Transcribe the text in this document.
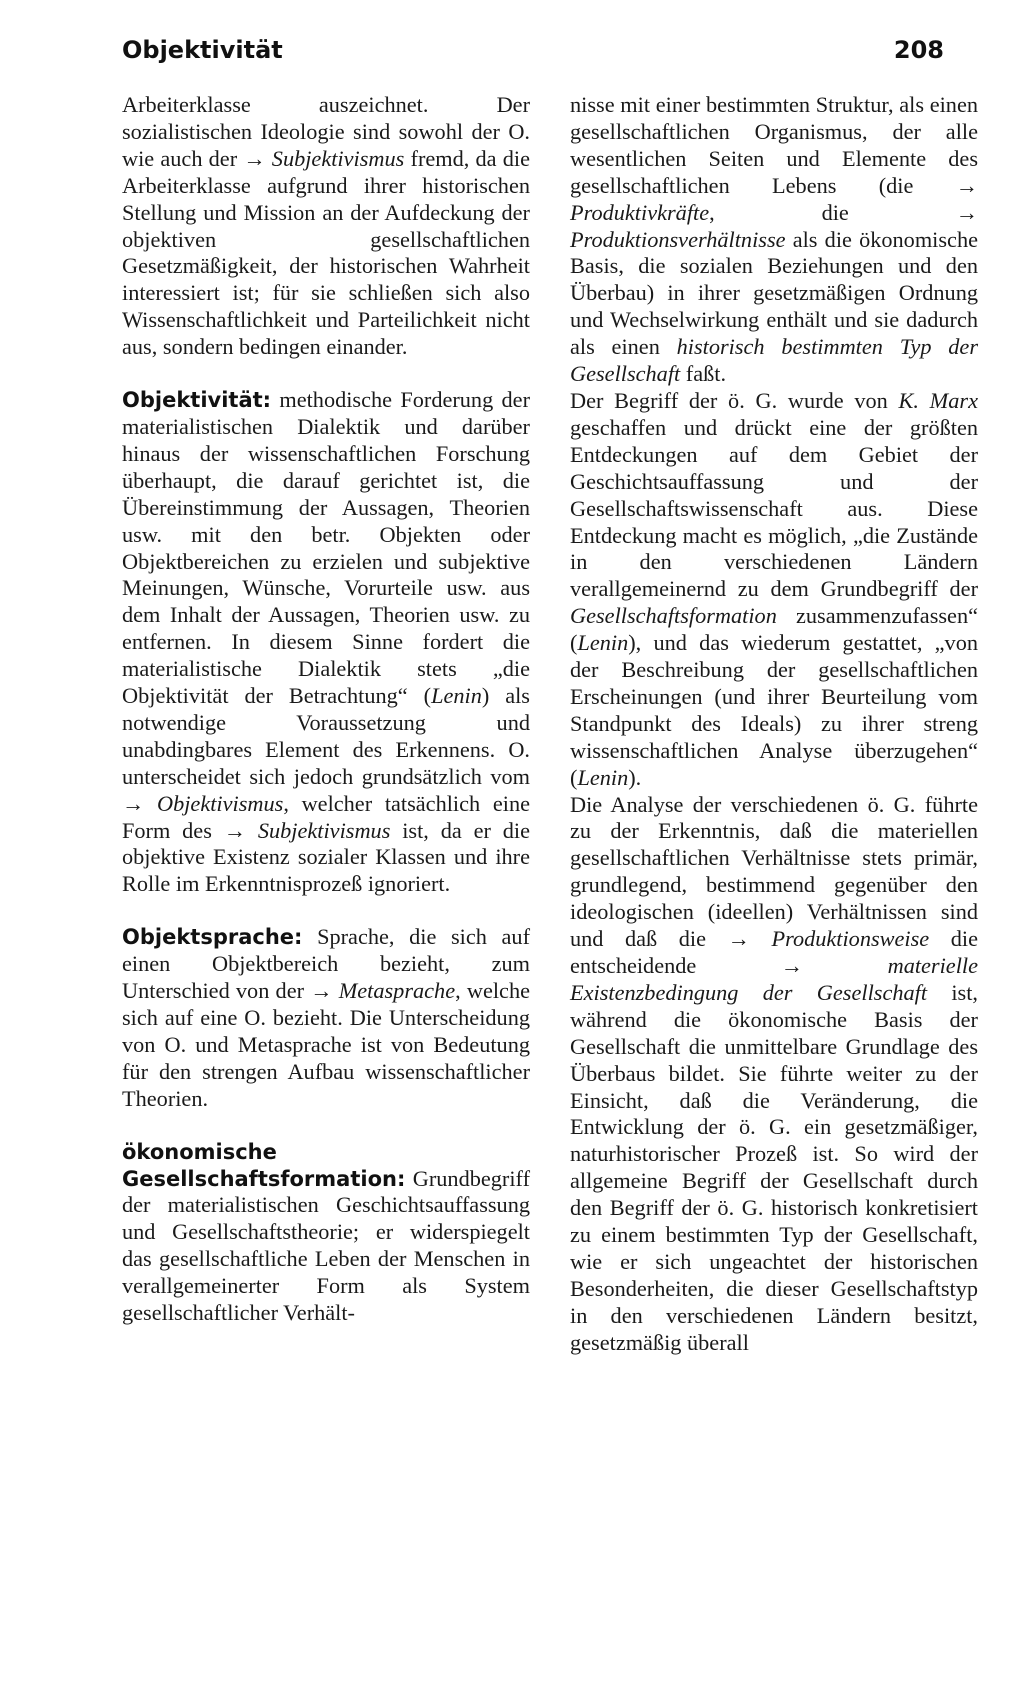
Objektivität	208

Arbeiterklasse auszeichnet. Der sozialistischen Ideologie sind sowohl der O. wie auch der → Subjektivismus fremd, da die Arbeiterklasse aufgrund ihrer historischen Stellung und Mission an der Aufdeckung der objektiven gesellschaftlichen Gesetzmäßigkeit, der historischen Wahrheit interessiert ist; für sie schließen sich also Wissenschaftlichkeit und Parteilichkeit nicht aus, sondern bedingen einander.

Objektivität: methodische Forderung der materialistischen Dialektik und darüber hinaus der wissenschaftlichen Forschung überhaupt, die darauf gerichtet ist, die Übereinstimmung der Aussagen, Theorien usw. mit den betr. Objekten oder Objektbereichen zu erzielen und subjektive Meinungen, Wünsche, Vorurteile usw. aus dem Inhalt der Aussagen, Theorien usw. zu entfernen. In diesem Sinne fordert die materialistische Dialektik stets „die Objektivität der Betrachtung“ (Lenin) als notwendige Voraussetzung und unabdingbares Element des Erkennens. O. unterscheidet sich jedoch grundsätzlich vom → Objektivismus, welcher tatsächlich eine Form des → Subjektivismus ist, da er die objektive Existenz sozialer Klassen und ihre Rolle im Erkenntnisprozeß ignoriert.

Objektsprache: Sprache, die sich auf einen Objektbereich bezieht, zum Unterschied von der → Metasprache, welche sich auf eine O. bezieht. Die Unterscheidung von O. und Metasprache ist von Bedeutung für den strengen Aufbau wissenschaftlicher Theorien.

ökonomische Gesellschaftsformation: Grundbegriff der materialistischen Geschichtsauffassung und Gesellschaftstheorie; er widerspiegelt das gesellschaftliche Leben der Menschen in verallgemeinerter Form als System gesellschaftlicher Verhält-

nisse mit einer bestimmten Struktur, als einen gesellschaftlichen Organismus, der alle wesentlichen Seiten und Elemente des gesellschaftlichen Lebens (die → Produktivkräfte, die → Produktionsverhältnisse als die ökonomische Basis, die sozialen Beziehungen und den Überbau) in ihrer gesetzmäßigen Ordnung und Wechselwirkung enthält und sie dadurch als einen historisch bestimmten Typ der Gesellschaft faßt.

Der Begriff der ö. G. wurde von K. Marx geschaffen und drückt eine der größten Entdeckungen auf dem Gebiet der Geschichtsauffassung und der Gesellschaftswissenschaft aus. Diese Entdeckung macht es möglich, „die Zustände in den verschiedenen Ländern verallgemeinernd zu dem Grundbegriff der Gesellschaftsformation zusammenzufassen“ (Lenin), und das wiederum gestattet, „von der Beschreibung der gesellschaftlichen Erscheinungen (und ihrer Beurteilung vom Standpunkt des Ideals) zu ihrer streng wissenschaftlichen Analyse überzugehen“ (Lenin).

Die Analyse der verschiedenen ö. G. führte zu der Erkenntnis, daß die materiellen gesellschaftlichen Verhältnisse stets primär, grundlegend, bestimmend gegenüber den ideologischen (ideellen) Verhältnissen sind und daß die → Produktionsweise die entscheidende →	materielle Existenzbedingung der Gesellschaft ist, während die ökonomische Basis der Gesellschaft die unmittelbare Grundlage des Überbaus bildet. Sie führte weiter zu der Einsicht, daß die Veränderung, die Entwicklung der ö. G. ein gesetzmäßiger, naturhistorischer Prozeß ist. So wird der allgemeine Begriff der Gesellschaft durch den Begriff der ö. G. historisch konkretisiert zu einem bestimmten Typ der Gesellschaft, wie er sich ungeachtet der historischen Besonderheiten, die dieser Gesellschaftstyp in den verschiedenen Ländern besitzt, gesetzmäßig überall
